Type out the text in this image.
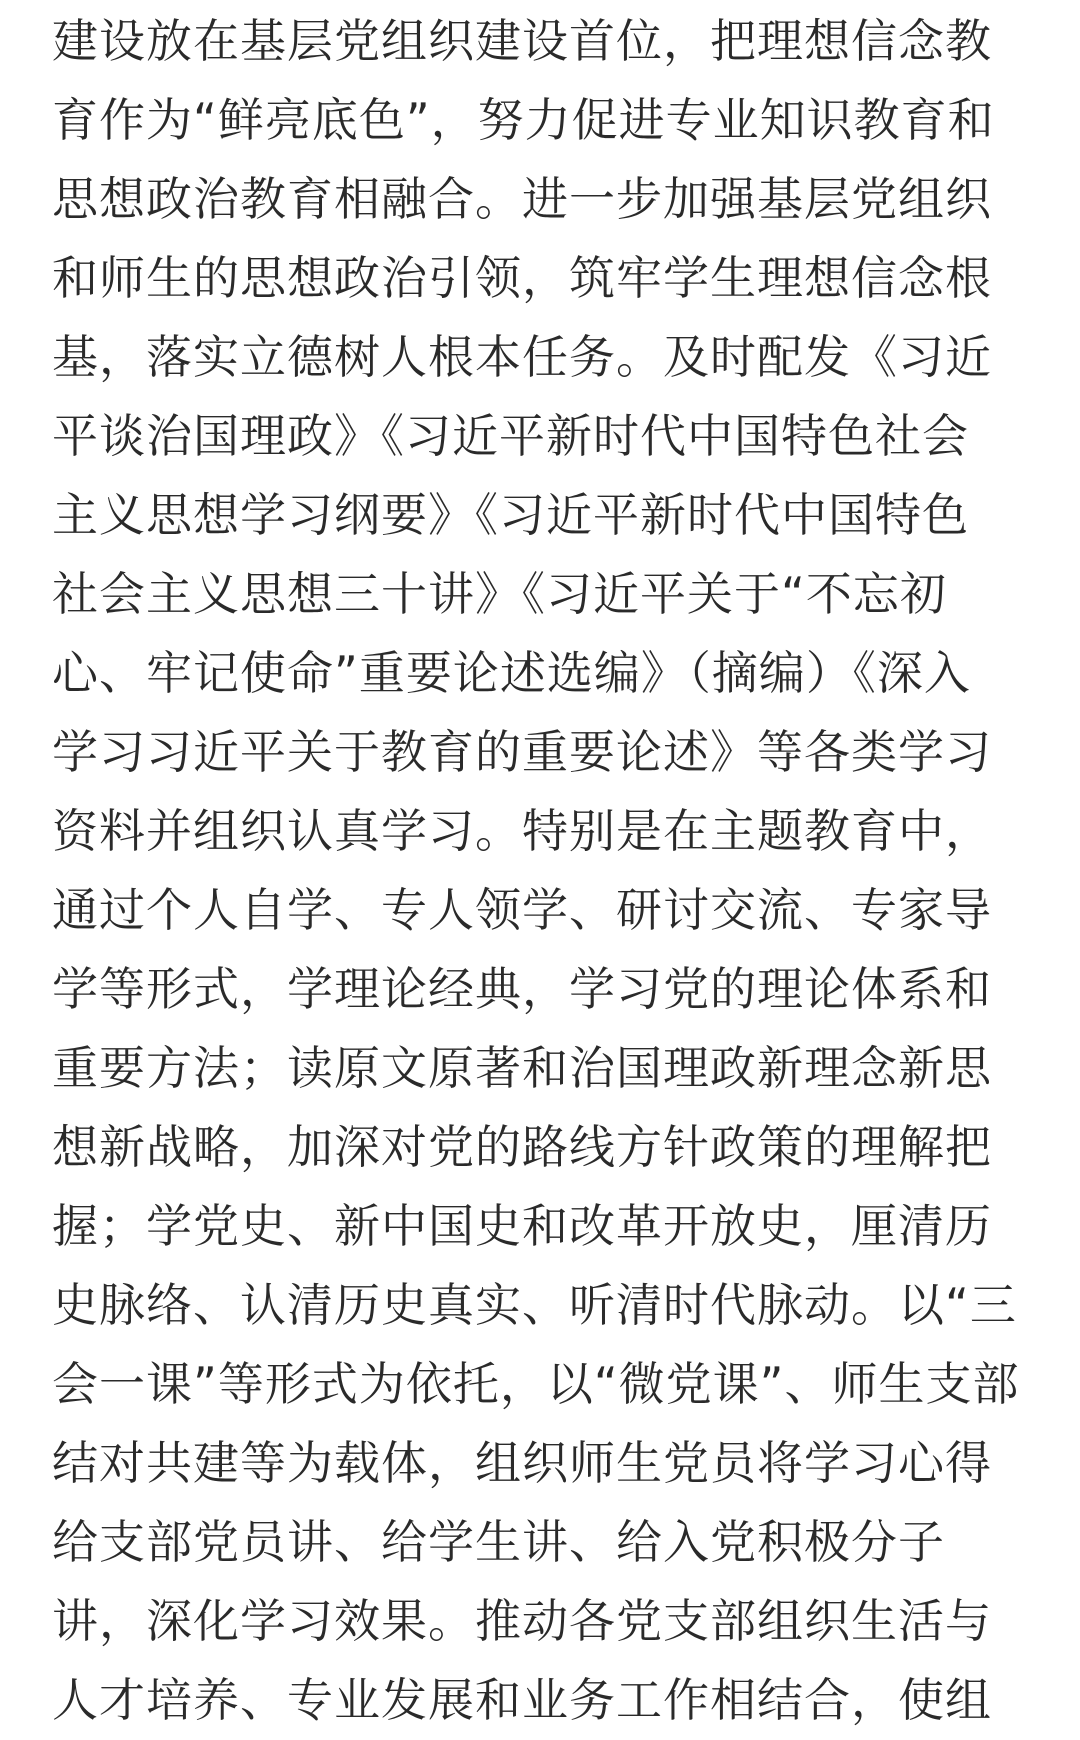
建设放在基层党组织建设首位，把理想信念教
育作为“鲜亮底色”，努力促进专业知识教育和
思想政治教育相融合。进一步加强基层党组织
和师生的思想政治引领，筑牢学生理想信念根
基，落实立德树人根本任务。及时配发《习近
平谈治国理政》《习近平新时代中国特色社会
主义思想学习纲要》《习近平新时代中国特色
社会主义思想三十讲》《习近平关于“不忘初
心、牢记使命”重要论述选编》（摘编）《深入
学习习近平关于教育的重要论述》等各类学习
资料并组织认真学习。特别是在主题教育中，
通过个人自学、专人领学、研讨交流、专家导
学等形式，学理论经典，学习党的理论体系和
重要方法；读原文原著和治国理政新理念新思
想新战略，加深对党的路线方针政策的理解把
握；学党史、新中国史和改革开放史，厘清历
史脉络、认清历史真实、听清时代脉动。以“三
会一课”等形式为依托，以“微党课”、师生支部
结对共建等为载体，组织师生党员将学习心得
给支部党员讲、给学生讲、给入党积极分子
讲，深化学习效果。推动各党支部组织生活与
人才培养、专业发展和业务工作相结合，使组
